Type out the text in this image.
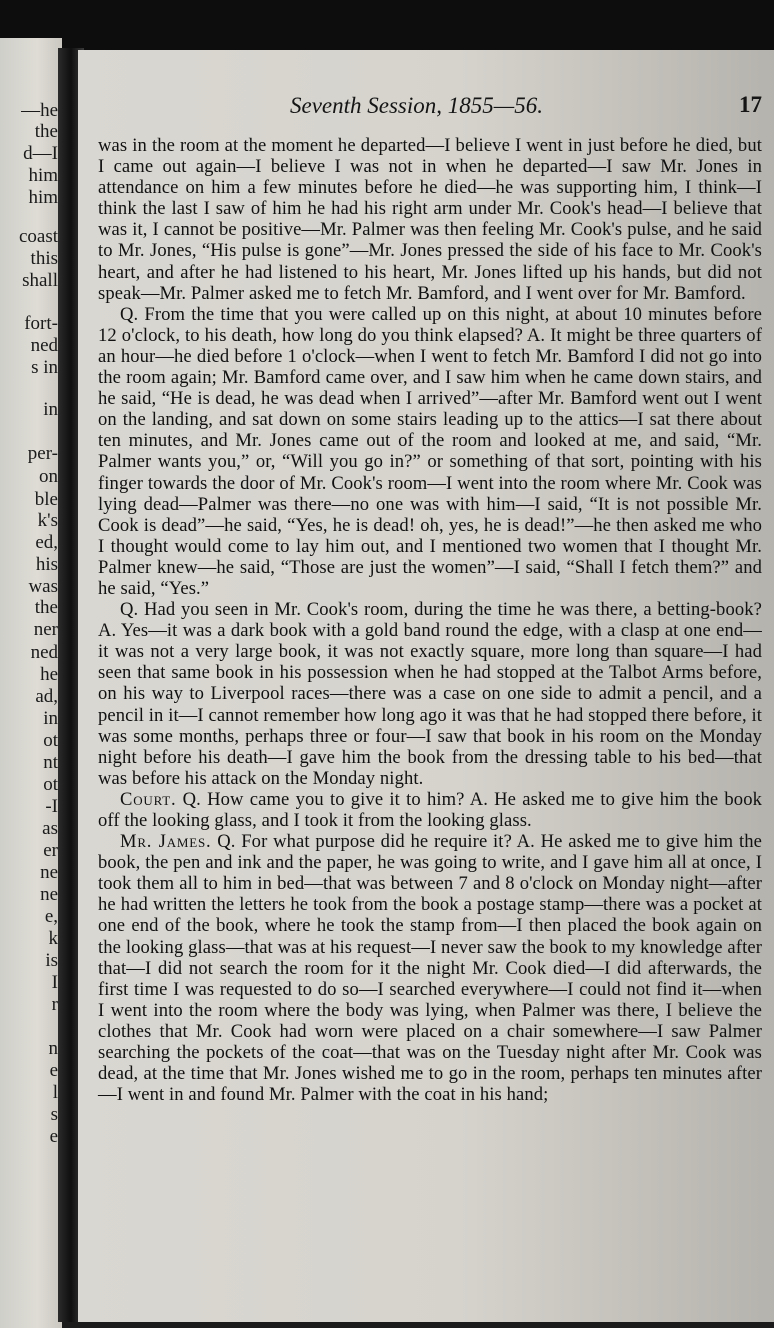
—he
the
d—I
him
him
coast
this
shall
fort-
ned
s in
in
per-
on
ble
k's
ed,
his
was
the
ner
ned
he
ad,
in
ot
nt
ot
-I
as
er
ne
ne
e,
k
is
I
r
n
e
l
s
e
Seventh Session, 1855—56.	17

was in the room at the moment he departed—I believe I went in just before he died, but I came out again—I believe I was not in when he departed—I saw Mr. Jones in attendance on him a few minutes before he died—he was supporting him, I think—I think the last I saw of him he had his right arm under Mr. Cook's head—I believe that was it, I cannot be positive—Mr. Palmer was then feeling Mr. Cook's pulse, and he said to Mr. Jones, “His pulse is gone”—Mr. Jones pressed the side of his face to Mr. Cook's heart, and after he had listened to his heart, Mr. Jones lifted up his hands, but did not speak—Mr. Palmer asked me to fetch Mr. Bamford, and I went over for Mr. Bamford.

Q. From the time that you were called up on this night, at about 10 minutes before 12 o'clock, to his death, how long do you think elapsed? A. It might be three quarters of an hour—he died before 1 o'clock—when I went to fetch Mr. Bamford I did not go into the room again; Mr. Bamford came over, and I saw him when he came down stairs, and he said, “He is dead, he was dead when I arrived”—after Mr. Bamford went out I went on the landing, and sat down on some stairs leading up to the attics—I sat there about ten minutes, and Mr. Jones came out of the room and looked at me, and said, “Mr. Palmer wants you,” or, “Will you go in?” or something of that sort, pointing with his finger towards the door of Mr. Cook's room—I went into the room where Mr. Cook was lying dead—Palmer was there—no one was with him—I said, “It is not possible Mr. Cook is dead”—he said, “Yes, he is dead! oh, yes, he is dead!”—he then asked me who I thought would come to lay him out, and I mentioned two women that I thought Mr. Palmer knew—he said, “Those are just the women”—I said, “Shall I fetch them?” and he said, “Yes.”

Q. Had you seen in Mr. Cook's room, during the time he was there, a betting-book? A. Yes—it was a dark book with a gold band round the edge, with a clasp at one end—it was not a very large book, it was not exactly square, more long than square—I had seen that same book in his possession when he had stopped at the Talbot Arms before, on his way to Liverpool races—there was a case on one side to admit a pencil, and a pencil in it—I cannot remember how long ago it was that he had stopped there before, it was some months, perhaps three or four—I saw that book in his room on the Monday night before his death—I gave him the book from the dressing table to his bed—that was before his attack on the Monday night.

Court. Q. How came you to give it to him? A. He asked me to give him the book off the looking glass, and I took it from the looking glass.

Mr. James. Q. For what purpose did he require it? A. He asked me to give him the book, the pen and ink and the paper, he was going to write, and I gave him all at once, I took them all to him in bed—that was between 7 and 8 o'clock on Monday night—after he had written the letters he took from the book a postage stamp—there was a pocket at one end of the book, where he took the stamp from—I then placed the book again on the looking glass—that was at his request—I never saw the book to my knowledge after that—I did not search the room for it the night Mr. Cook died—I did afterwards, the first time I was requested to do so—I searched everywhere—I could not find it—when I went into the room where the body was lying, when Palmer was there, I believe the clothes that Mr. Cook had worn were placed on a chair somewhere—I saw Palmer searching the pockets of the coat—that was on the Tuesday night after Mr. Cook was dead, at the time that Mr. Jones wished me to go in the room, perhaps ten minutes after—I went in and found Mr. Palmer with the coat in his hand;
